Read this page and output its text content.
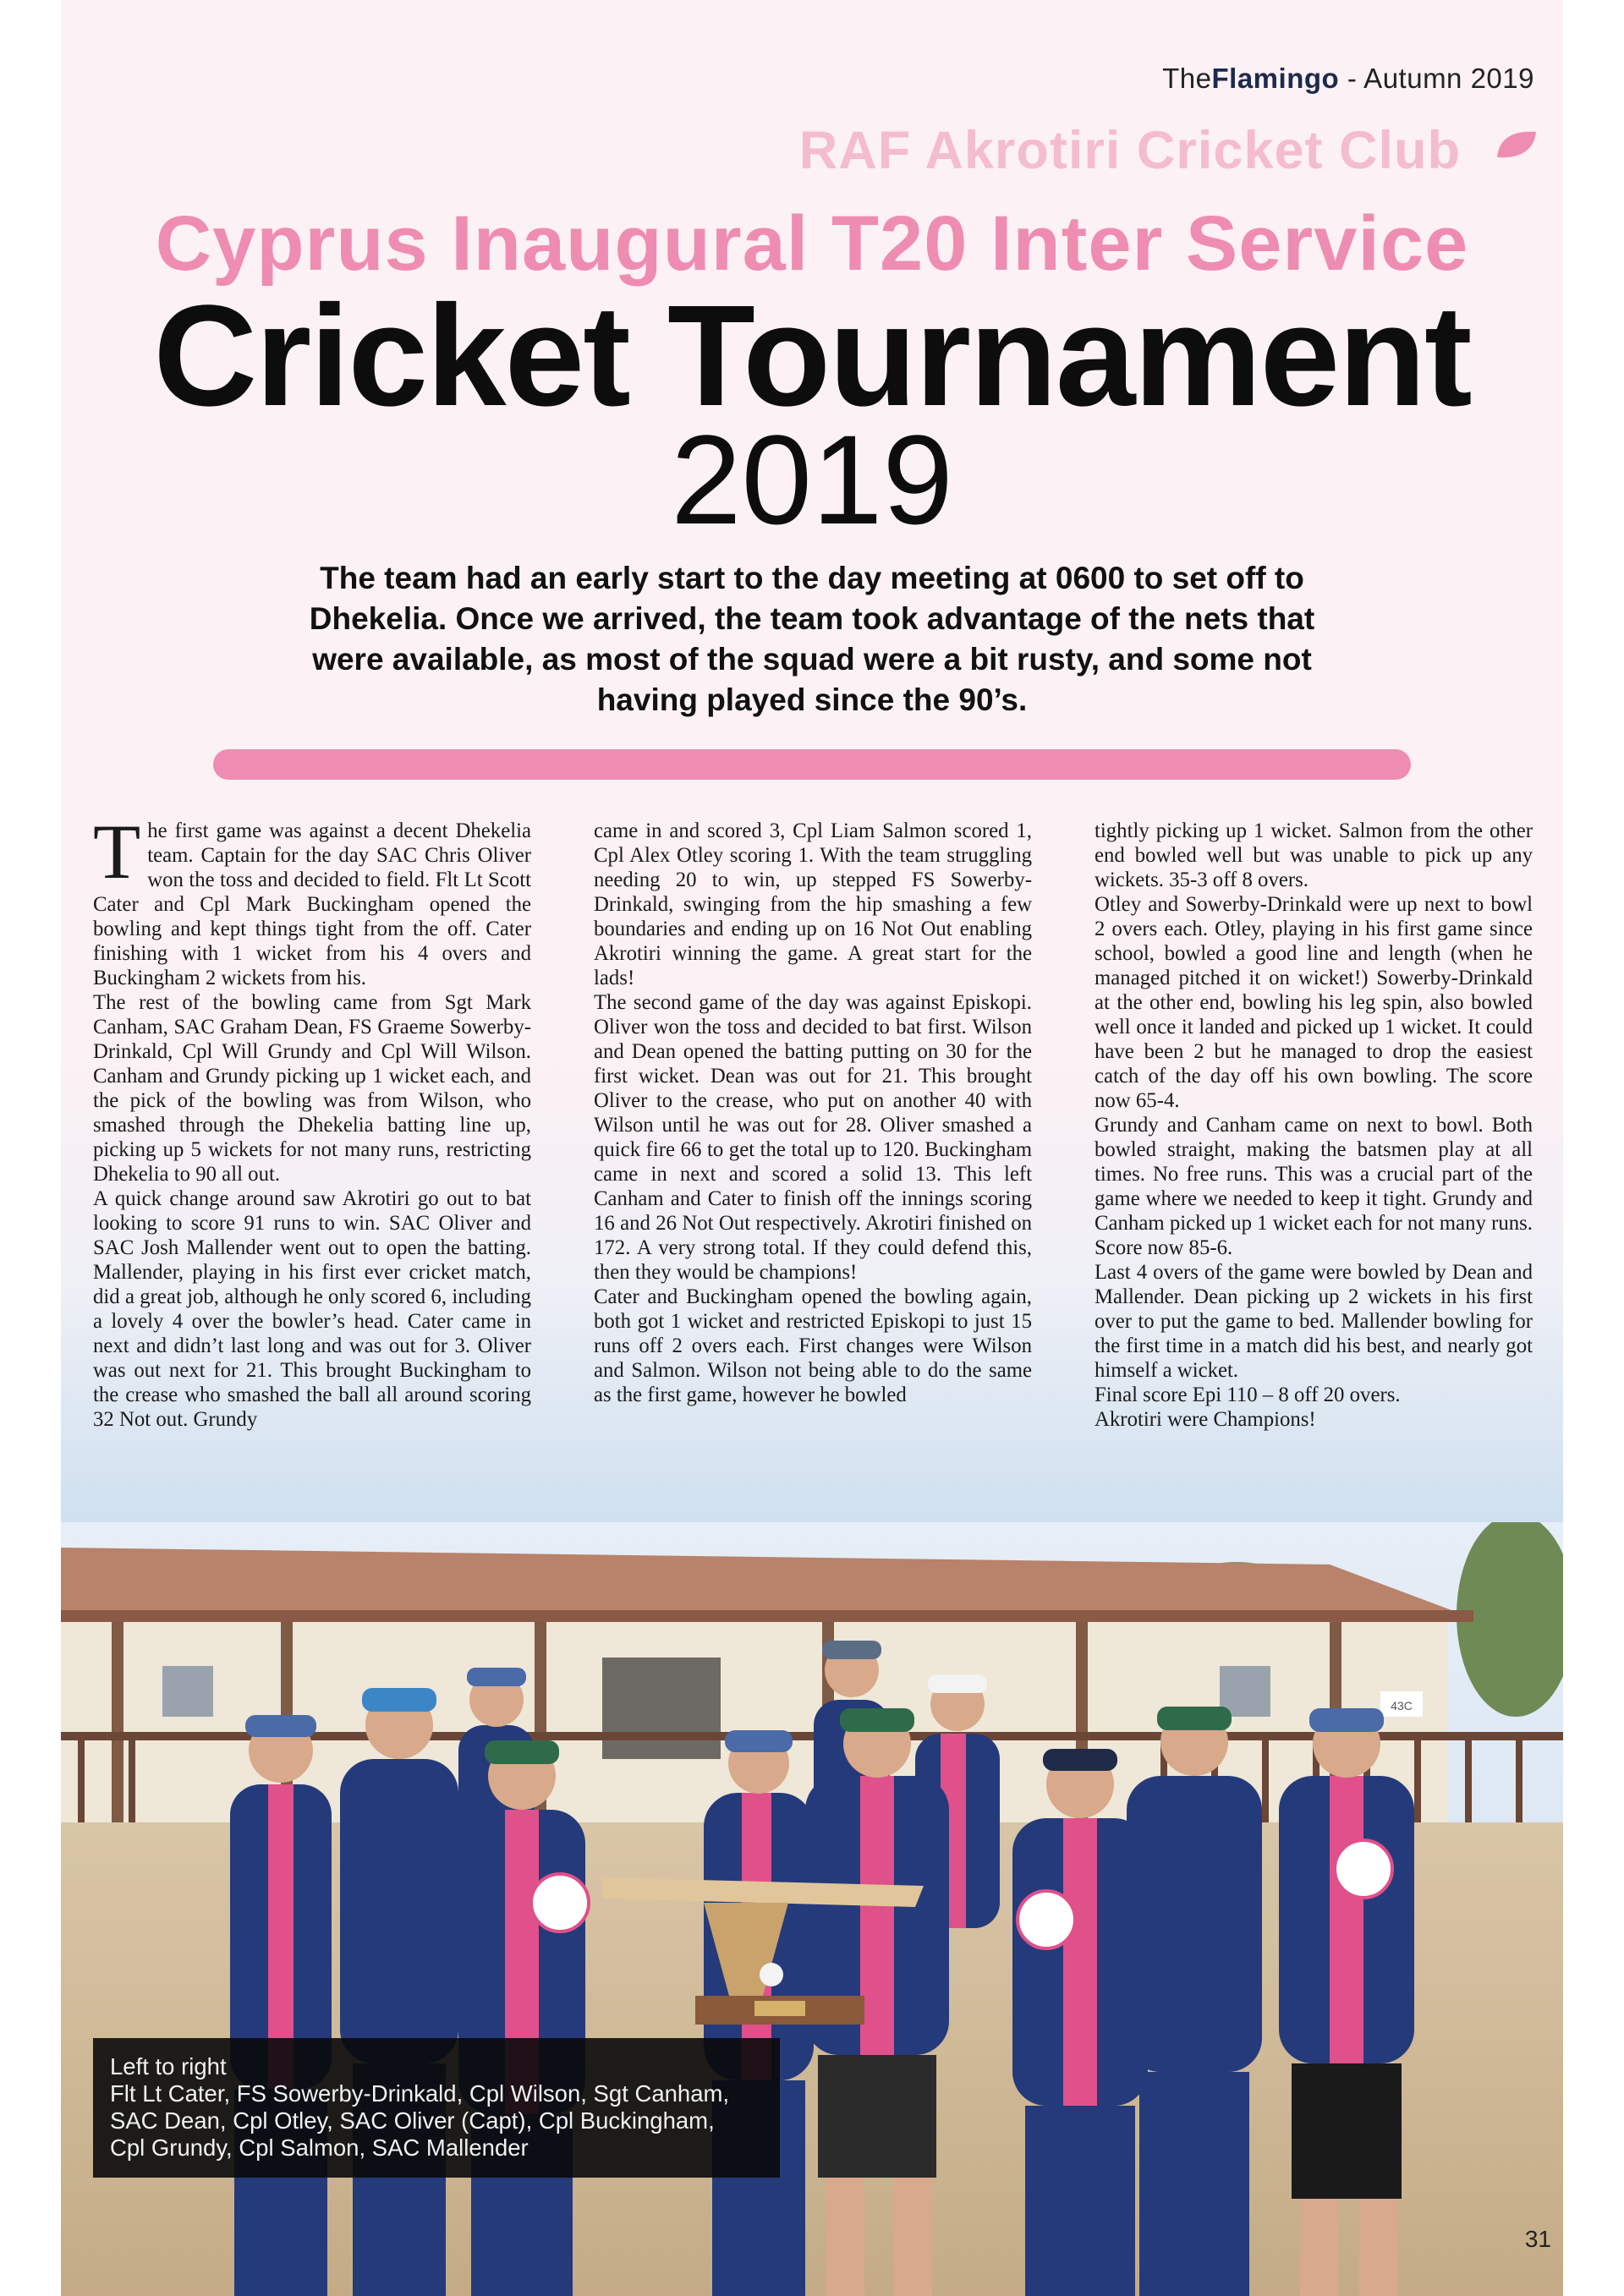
TheFlamingo - Autumn 2019
RAF Akrotiri Cricket Club
Cyprus Inaugural T20 Inter Service
Cricket Tournament
2019
The team had an early start to the day meeting at 0600 to set off to Dhekelia. Once we arrived, the team took advantage of the nets that were available, as most of the squad were a bit rusty, and some not having played since the 90’s.

The first game was against a decent Dhekelia team. Captain for the day SAC Chris Oliver won the toss and decided to field. Flt Lt Scott Cater and Cpl Mark Buckingham opened the bowling and kept things tight from the off. Cater finishing with 1 wicket from his 4 overs and Buckingham 2 wickets from his.

The rest of the bowling came from Sgt Mark Canham, SAC Graham Dean, FS Graeme Sowerby-Drinkald, Cpl Will Grundy and Cpl Will Wilson. Canham and Grundy picking up 1 wicket each, and the pick of the bowling was from Wilson, who smashed through the Dhekelia batting line up, picking up 5 wickets for not many runs, restricting Dhekelia to 90 all out.

A quick change around saw Akrotiri go out to bat looking to score 91 runs to win. SAC Oliver and SAC Josh Mallender went out to open the batting. Mallender, playing in his first ever cricket match, did a great job, although he only scored 6, including a lovely 4 over the bowler’s head. Cater came in next and didn’t last long and was out for 3. Oliver was out next for 21. This brought Buckingham to the crease who smashed the ball all around scoring 32 Not out. Grundy

came in and scored 3, Cpl Liam Salmon scored 1, Cpl Alex Otley scoring 1. With the team struggling needing 20 to win, up stepped FS Sowerby-Drinkald, swinging from the hip smashing a few boundaries and ending up on 16 Not Out enabling Akrotiri winning the game. A great start for the lads!

The second game of the day was against Episkopi. Oliver won the toss and decided to bat first. Wilson and Dean opened the batting putting on 30 for the first wicket. Dean was out for 21. This brought Oliver to the crease, who put on another 40 with Wilson until he was out for 28. Oliver smashed a quick fire 66 to get the total up to 120. Buckingham came in next and scored a solid 13. This left Canham and Cater to finish off the innings scoring 16 and 26 Not Out respectively. Akrotiri finished on 172. A very strong total. If they could defend this, then they would be champions!

Cater and Buckingham opened the bowling again, both got 1 wicket and restricted Episkopi to just 15 runs off 2 overs each. First changes were Wilson and Salmon. Wilson not being able to do the same as the first game, however he bowled

tightly picking up 1 wicket. Salmon from the other end bowled well but was unable to pick up any wickets. 35-3 off 8 overs.

Otley and Sowerby-Drinkald were up next to bowl 2 overs each. Otley, playing in his first game since school, bowled a good line and length (when he managed pitched it on wicket!) Sowerby-Drinkald at the other end, bowling his leg spin, also bowled well once it landed and picked up 1 wicket. It could have been 2 but he managed to drop the easiest catch of the day off his own bowling. The score now 65-4.

Grundy and Canham came on next to bowl. Both bowled straight, making the batsmen play at all times. No free runs. This was a crucial part of the game where we needed to keep it tight. Grundy and Canham picked up 1 wicket each for not many runs. Score now 85-6.

Last 4 overs of the game were bowled by Dean and Mallender. Dean picking up 2 wickets in his first over to put the game to bed. Mallender bowling for the first time in a match did his best, and nearly got himself a wicket.

Final score Epi 110 – 8 off 20 overs.

Akrotiri were Champions!

43C

Left to right

Flt Lt Cater, FS Sowerby-Drinkald, Cpl Wilson, Sgt Canham,

SAC Dean, Cpl Otley, SAC Oliver (Capt), Cpl Buckingham,

Cpl Grundy, Cpl Salmon, SAC Mallender

31
